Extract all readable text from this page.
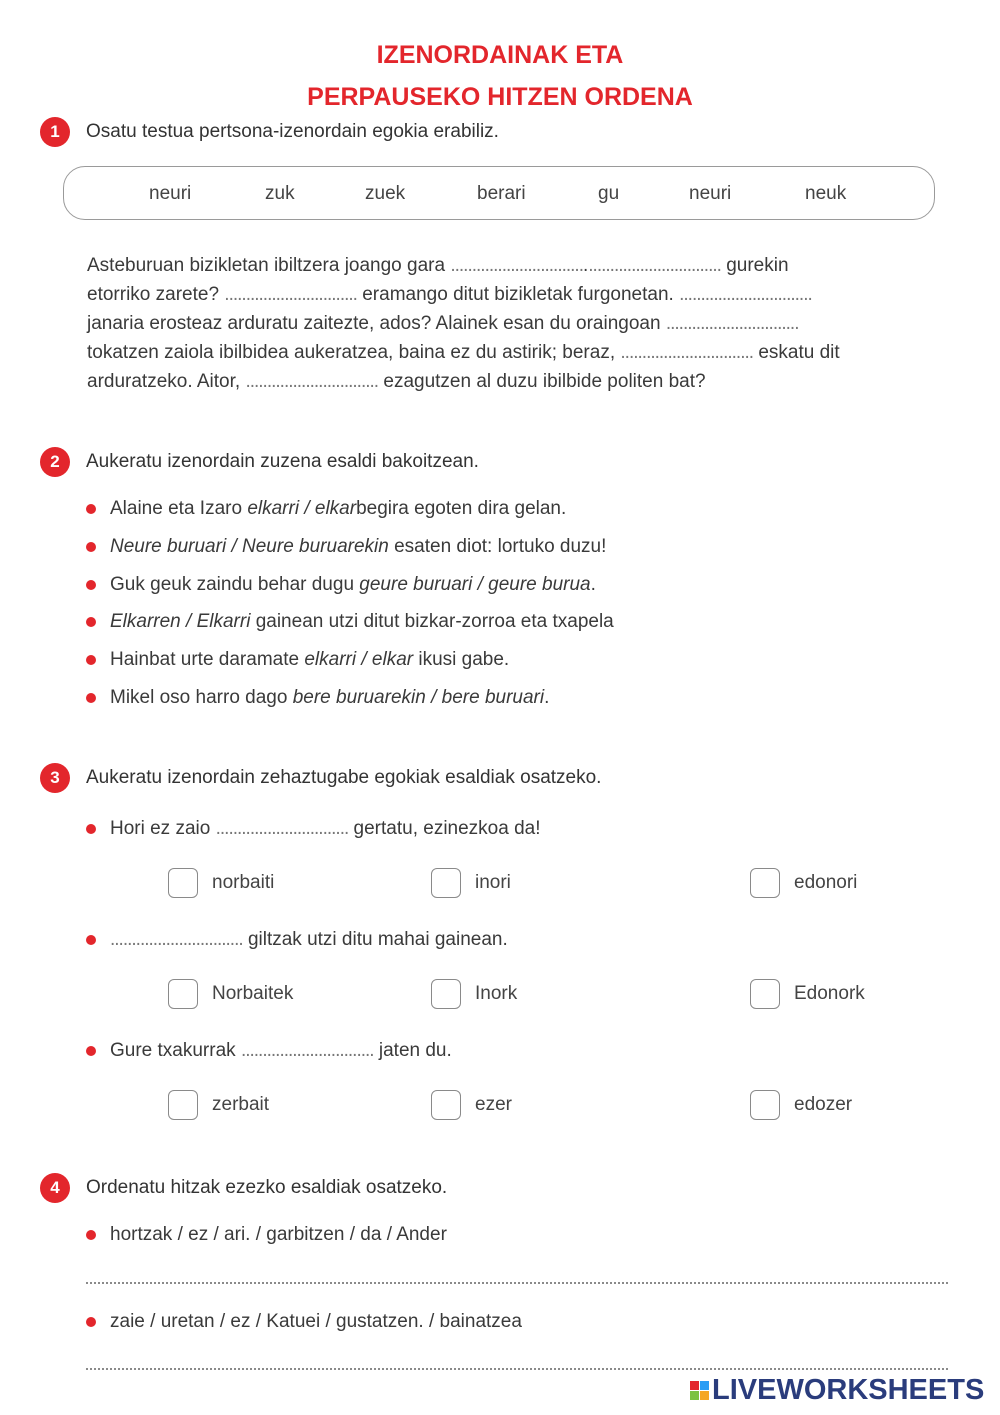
IZENORDAINAK ETA
PERPAUSEKO HITZEN ORDENA
1	Osatu testua pertsona-izenordain egokia erabiliz.
neuri	zuk	zuek	berari	gu	neuri	neuk
Asteburuan bizikletan ibiltzera joango gara ............................................................... gurekin
etorriko zarete? ............................... eramango ditut bizikletak furgonetan. ...............................
janaria erosteaz arduratu zaitezte, ados? Alainek esan du oraingoan ...............................
tokatzen zaiola ibilbidea aukeratzea, baina ez du astirik; beraz, ............................... eskatu dit
arduratzeko. Aitor, ............................... ezagutzen al duzu ibilbide politen bat?
2	Aukeratu izenordain zuzena esaldi bakoitzean.
Alaine eta Izaro
elkarri / elkar begira egoten dira gelan.
Neure buruari / Neure buruarekin
esaten diot: lortuko duzu!
Guk geuk zaindu behar dugu
geure buruari / geure burua .
Elkarren / Elkarri
gainean utzi ditut bizkar-zorroa eta txapela
Hainbat urte daramate
elkarri / elkar
ikusi gabe.
Mikel oso harro dago
bere buruarekin / bere buruari .
3	Aukeratu izenordain zehaztugabe egokiak esaldiak osatzeko.
Hori ez zaio
...............................
gertatu, ezinezkoa da!
norbaiti	inori	edonori
...............................
giltzak utzi ditu mahai gainean.
Norbaitek	Inork	Edonork
Gure txakurrak
...............................
jaten du.
zerbait	ezer	edozer
4	Ordenatu hitzak ezezko esaldiak osatzeko.
hortzak / ez / ari. / garbitzen / da / Ander
zaie / uretan / ez / Katuei / gustatzen. / bainatzea
LIVEWORKSHEETS
